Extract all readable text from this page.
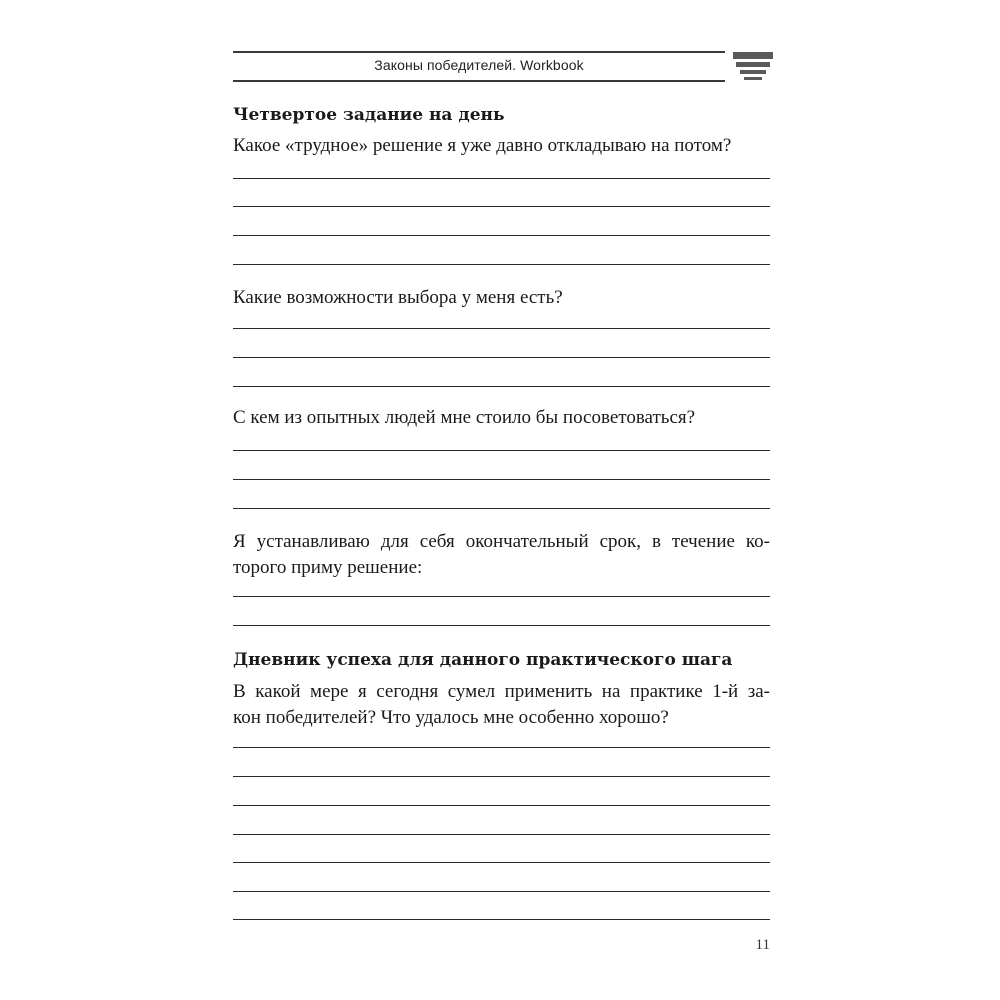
Законы победителей. Workbook
Четвертое задание на день
Какое «трудное» решение я уже давно откладываю на потом?
Какие возможности выбора у меня есть?
С кем из опытных людей мне стоило бы посоветоваться?
Я устанавливаю для себя окончательный срок, в течение ко-
торого приму решение:
Дневник успеха для данного практического шага
В какой мере я сегодня сумел применить на практике 1-й за-
кон победителей? Что удалось мне особенно хорошо?
11
